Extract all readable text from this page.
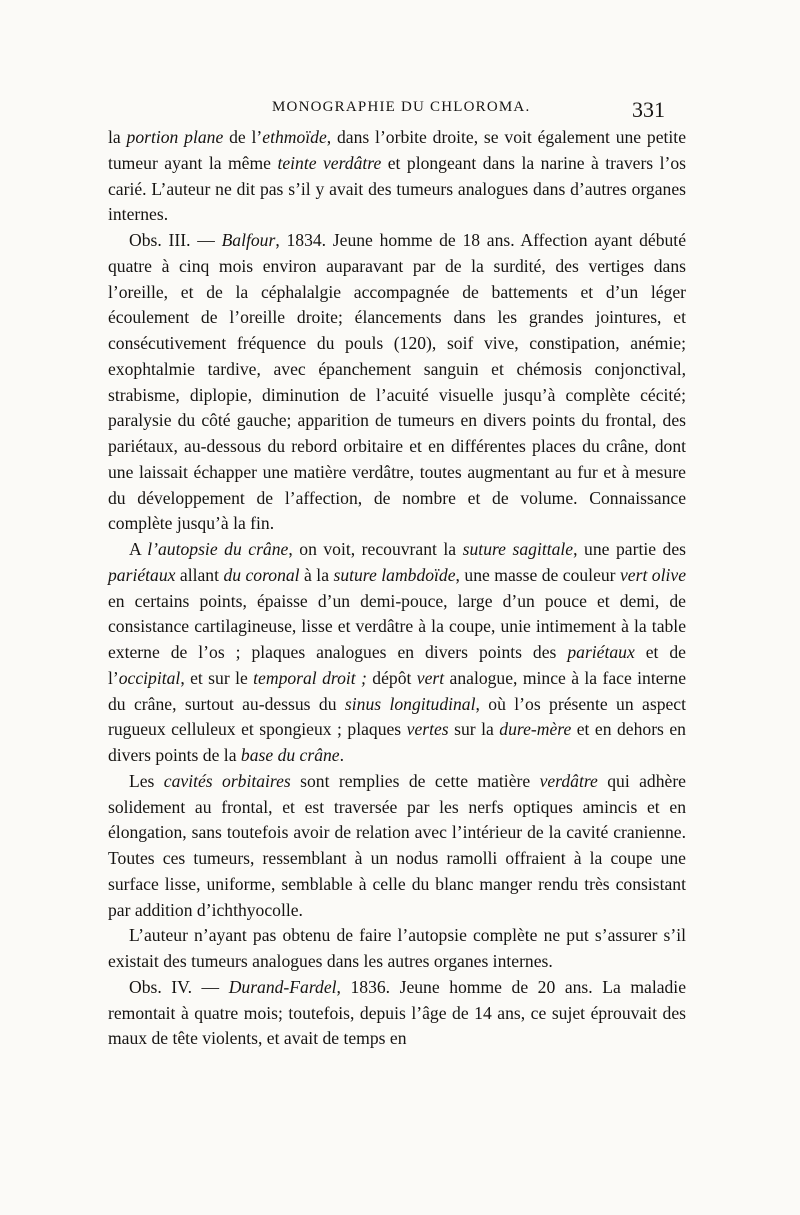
MONOGRAPHIE DU CHLOROMA.	331

la portion plane de l’ethmoïde, dans l’orbite droite, se voit également une petite tumeur ayant la même teinte verdâtre et plongeant dans la narine à travers l’os carié. L’auteur ne dit pas s’il y avait des tumeurs analogues dans d’autres organes internes.

Obs. III. — Balfour, 1834. Jeune homme de 18 ans. Affection ayant débuté quatre à cinq mois environ auparavant par de la surdité, des vertiges dans l’oreille, et de la céphalalgie accompagnée de battements et d’un léger écoulement de l’oreille droite; élancements dans les grandes jointures, et consécutivement fréquence du pouls (120), soif vive, constipation, anémie; exophtalmie tardive, avec épanchement sanguin et chémosis conjonctival, strabisme, diplopie, diminution de l’acuité visuelle jusqu’à complète cécité; paralysie du côté gauche; apparition de tumeurs en divers points du frontal, des pariétaux, au-dessous du rebord orbitaire et en différentes places du crâne, dont une laissait échapper une matière verdâtre, toutes augmentant au fur et à mesure du développement de l’affection, de nombre et de volume. Connaissance complète jusqu’à la fin.

A l’autopsie du crâne, on voit, recouvrant la suture sagittale, une partie des pariétaux allant du coronal à la suture lambdoïde, une masse de couleur vert olive en certains points, épaisse d’un demi-pouce, large d’un pouce et demi, de consistance cartilagineuse, lisse et verdâtre à la coupe, unie intimement à la table externe de l’os ; plaques analogues en divers points des pariétaux et de l’occipital, et sur le temporal droit ; dépôt vert analogue, mince à la face interne du crâne, surtout au-dessus du sinus longitudinal, où l’os présente un aspect rugueux celluleux et spongieux ; plaques vertes sur la dure-mère et en dehors en divers points de la base du crâne.

Les cavités orbitaires sont remplies de cette matière verdâtre qui adhère solidement au frontal, et est traversée par les nerfs optiques amincis et en élongation, sans toutefois avoir de relation avec l’intérieur de la cavité cranienne. Toutes ces tumeurs, ressemblant à un nodus ramolli offraient à la coupe une surface lisse, uniforme, semblable à celle du blanc manger rendu très consistant par addition d’ichthyocolle.

L’auteur n’ayant pas obtenu de faire l’autopsie complète ne put s’assurer s’il existait des tumeurs analogues dans les autres organes internes.

Obs. IV. — Durand-Fardel, 1836. Jeune homme de 20 ans. La maladie remontait à quatre mois; toutefois, depuis l’âge de 14 ans, ce sujet éprouvait des maux de tête violents, et avait de temps en
